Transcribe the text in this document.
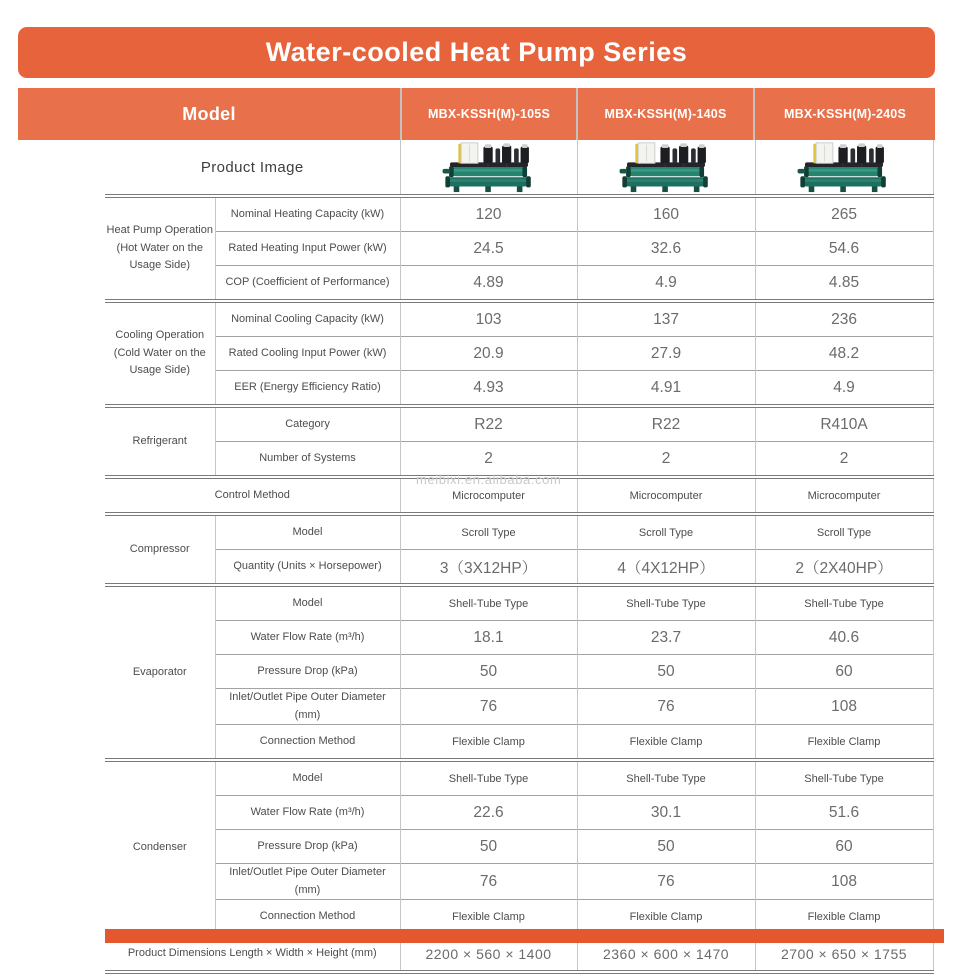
Water-cooled Heat Pump Series
Model	MBX-KSSH(M)-105S	MBX-KSSH(M)-140S	MBX-KSSH(M)-240S
Product Image	

Heat Pump Operation
(Hot Water on the Usage Side)	Nominal Heating Capacity (kW)	120	160	265
	Rated Heating Input Power (kW)	24.5	32.6	54.6
	COP (Coefficient of Performance)	4.89	4.9	4.85

Cooling Operation
(Cold Water on the Usage Side)	Nominal Cooling Capacity (kW)	103	137	236
	Rated Cooling Input Power (kW)	20.9	27.9	48.2
	EER (Energy Efficiency Ratio)	4.93	4.91	4.9

Refrigerant	Category	R22	R22	R410A
	Number of Systems	2	2	2
Control Method		Microcomputer	Microcomputer	Microcomputer

Compressor	Model	Scroll Type	Scroll Type	Scroll Type
	Quantity (Units × Horsepower)	3（3X12HP）	4（4X12HP）	2（2X40HP）

Evaporator	Model	Shell-Tube Type	Shell-Tube Type	Shell-Tube Type
	Water Flow Rate (m³/h)	18.1	23.7	40.6
	Pressure Drop (kPa)	50	50	60
	Inlet/Outlet Pipe Outer Diameter (mm)	76	76	108
	Connection Method	Flexible Clamp	Flexible Clamp	Flexible Clamp

Condenser	Model	Shell-Tube Type	Shell-Tube Type	Shell-Tube Type
	Water Flow Rate (m³/h)	22.6	30.1	51.6
	Pressure Drop (kPa)	50	50	60
	Inlet/Outlet Pipe Outer Diameter (mm)	76	76	108
	Connection Method	Flexible Clamp	Flexible Clamp	Flexible Clamp
Product Dimensions Length × Width × Height (mm)		2200 × 560 × 1400	2360 × 600 × 1470	2700 × 650 × 1755
meibixi.en.alibaba.com
